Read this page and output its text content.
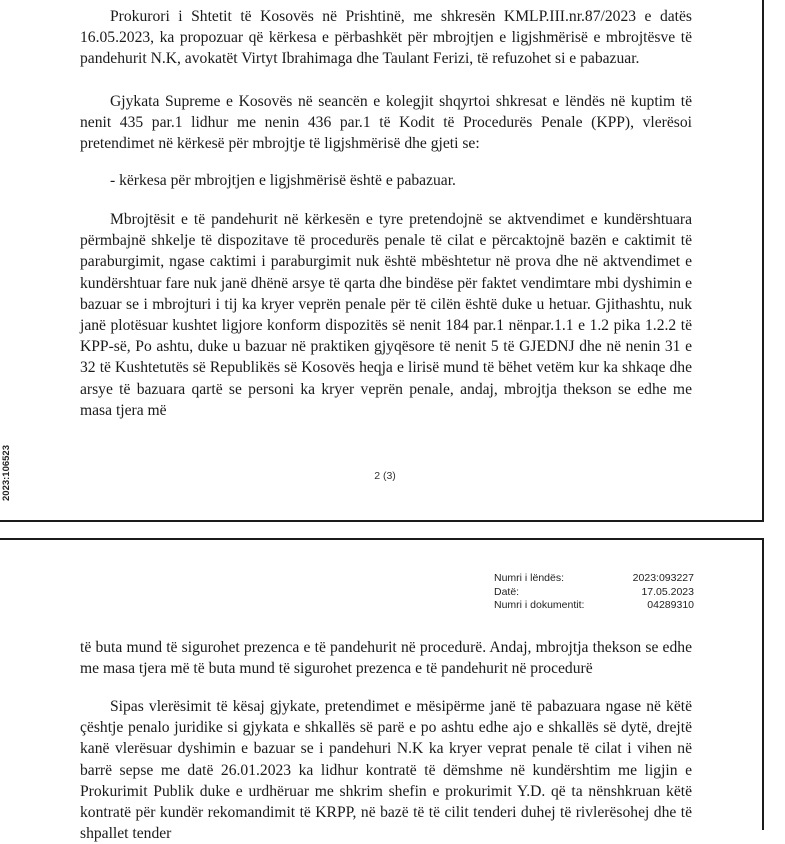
Prokurori i Shtetit të Kosovës në Prishtinë, me shkresën KMLP.III.nr.87/2023 e datës 16.05.2023, ka propozuar që kërkesa e përbashkët për mbrojtjen e ligjshmërisë e mbrojtësve të pandehurit N.K, avokatët Virtyt Ibrahimaga dhe Taulant Ferizi, të refuzohet si e pabazuar.

Gjykata Supreme e Kosovës në seancën e kolegjit shqyrtoi shkresat e lëndës në kuptim të nenit 435 par.1 lidhur me nenin 436 par.1 të Kodit të Procedurës Penale (KPP), vlerësoi pretendimet në kërkesë për mbrojtje të ligjshmërisë dhe gjeti se:

- kërkesa për mbrojtjen e ligjshmërisë është e pabazuar.

Mbrojtësit e të pandehurit në kërkesën e tyre pretendojnë se aktvendimet e kundërshtuara përmbajnë shkelje të dispozitave të procedurës penale të cilat e përcaktojnë bazën e caktimit të paraburgimit, ngase caktimi i paraburgimit nuk është mbështetur në prova dhe në aktvendimet e kundërshtuar fare nuk janë dhënë arsye të qarta dhe bindëse për faktet vendimtare mbi dyshimin e bazuar se i mbrojturi i tij ka kryer veprën penale për të cilën është duke u hetuar. Gjithashtu, nuk janë plotësuar kushtet ligjore konform dispozitës së nenit 184 par.1 nënpar.1.1 e 1.2 pika 1.2.2 të KPP-së, Po ashtu, duke u bazuar në praktiken gjyqësore të nenit 5 të GJEDNJ dhe në nenin 31 e 32 të Kushtetutës së Republikës së Kosovës heqja e lirisë mund të bëhet vetëm kur ka shkaqe dhe arsye të bazuara qartë se personi ka kryer veprën penale, andaj, mbrojtja thekson se edhe me masa tjera më

2023:106523	2 (3)
Numri i lëndës:	2023:093227
Datë:	17.05.2023
Numri i dokumentit:	04289310

të buta mund të sigurohet prezenca e të pandehurit në procedurë. Andaj, mbrojtja thekson se edhe me masa tjera më të buta mund të sigurohet prezenca e të pandehurit në procedurë

Sipas vlerësimit të kësaj gjykate, pretendimet e mësipërme janë të pabazuara ngase në këtë çështje penalo juridike si gjykata e shkallës së parë e po ashtu edhe ajo e shkallës së dytë, drejtë kanë vlerësuar dyshimin e bazuar se i pandehuri N.K ka kryer veprat penale të cilat i vihen në barrë sepse me datë 26.01.2023 ka lidhur kontratë të dëmshme në kundërshtim me ligjin e Prokurimit Publik duke e urdhëruar me shkrim shefin e prokurimit Y.D. që ta nënshkruan këtë kontratë për kundër rekomandimit të KRPP, në bazë të të cilit tenderi duhej të rivlerësohej dhe të shpallet tender
